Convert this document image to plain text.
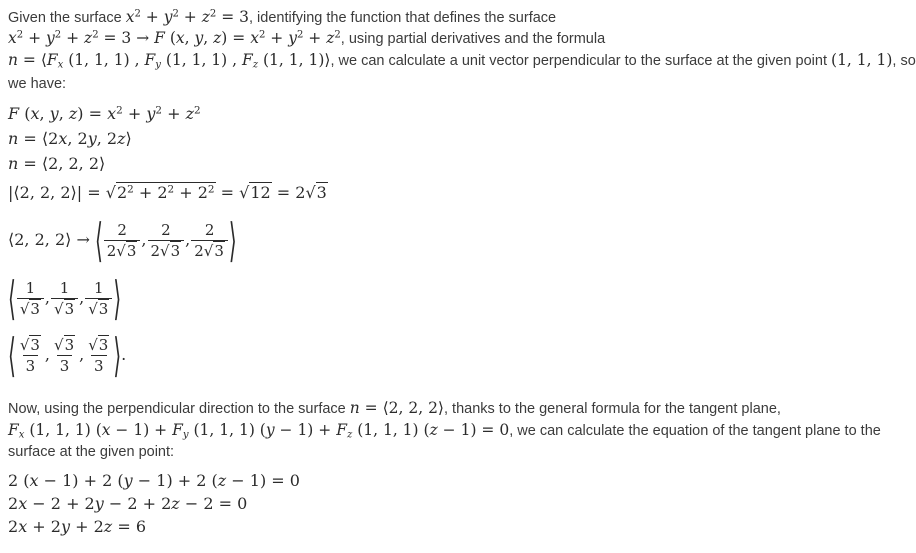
Given the surface $x^2 + y^2 + z^2 = 3$, identifying the function that defines the surface
$x^2 + y^2 + z^2 = 3 \to F$ (x, y, $z) = x^2 + y^2 + z^2$, using partial derivatives and the formula
$n = ⟨F_x$ (1, 1, 1) , $F_y$ (1, 1, 1) , $F_z$ (1, 1, 1)⟩, we can calculate a unit vector perpendicular to the surface at the given point (1, 1, 1), so
we have:
F (x, y, $z) = x^2 + y^2 + z^2$
n = ⟨2x, 2y, 2z⟩
n = ⟨2, 2, 2⟩
|⟨2, 2, 2⟩| = $√2^2 + 2^2 + 2^2 = √12 = 2√3$
⟨2, 2, 2⟩ → ⟨ $\frac{2}{2√3}$ , $\frac{2}{2√3}$ , $\frac{2}{2√3}$ ⟩
⟨ $\frac{1}{√3}$ , $\frac{1}{√3}$ , $\frac{1}{√3}$ ⟩
⟨ $\frac{√3}{3}$ , $\frac{√3}{3}$ , $\frac{√3}{3}$ ⟩ .
Now, using the perpendicular direction to the surface n = ⟨2, 2, 2⟩, thanks to the general formula for the tangent plane,
$F_x$ (1, 1, 1) $(x - 1) + F_y$ (1, 1, 1) $(y - 1) + F_z$ (1, 1, 1) (z − 1) = 0, we can calculate the equation of the tangent plane to the
surface at the given point:
2 (x − 1) + 2 (y − 1) + 2 (z − 1) = 0
2x − 2 + 2y − 2 + 2z − 2 = 0
2x + 2y + 2z = 6
